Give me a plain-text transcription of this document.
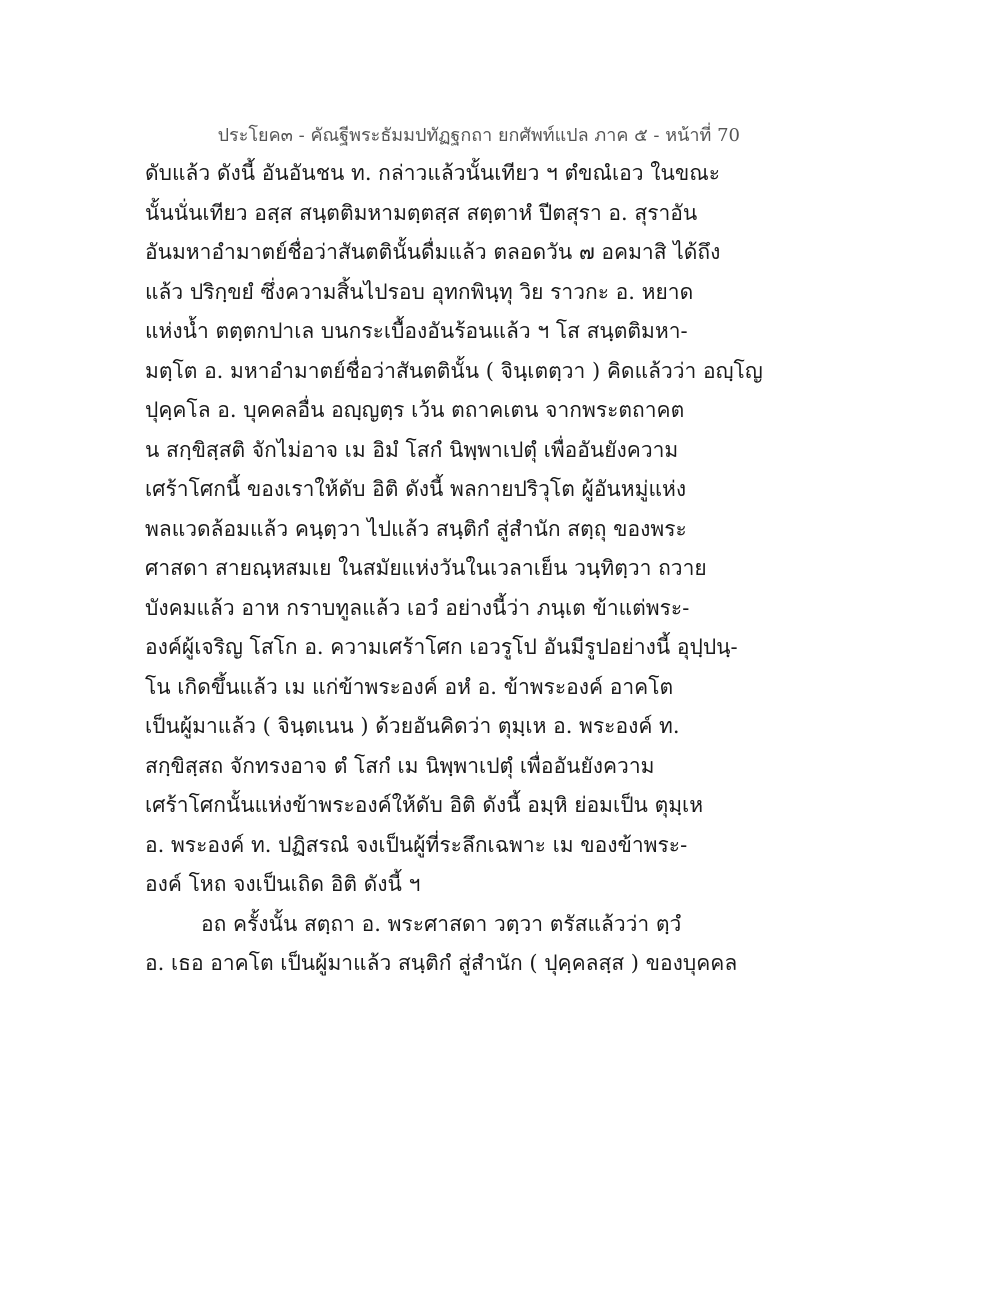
ประโยค๓ - คัณฐีพระธัมมปทัฏฐกถา ยกศัพท์แปล ภาค ๕ - หน้าที่ 70
ดับแล้ว ดังนี้ อันอันชน ท. กล่าวแล้วนั้นเทียว ฯ ตํขณํเอว ในขณะ
นั้นนั่นเทียว อสฺส สนฺตติมหามตฺตสฺส สตฺตาหํ ปีตสุรา อ. สุราอัน
อันมหาอำมาตย์ชื่อว่าสันตตินั้นดื่มแล้ว ตลอดวัน ๗ อคมาสิ ได้ถึง
แล้ว ปริกฺขยํ ซึ่งความสิ้นไปรอบ อุทกพินฺทุ วิย ราวกะ อ. หยาด
แห่งน้ำ ตตฺตกปาเล บนกระเบื้องอันร้อนแล้ว ฯ โส สนฺตติมหา-
มตฺโต อ. มหาอำมาตย์ชื่อว่าสันตตินั้น ( จินฺเตตฺวา ) คิดแล้วว่า อญฺโญ
ปุคฺคโล อ. บุคคลอื่น อญฺญตฺร เว้น ตถาคเตน จากพระตถาคต
น สกฺขิสฺสติ จักไม่อาจ เม อิมํ โสกํ นิพฺพาเปตุํ เพื่ออันยังความ
เศร้าโศกนี้ ของเราให้ดับ อิติ ดังนี้ พลกายปริวุโต ผู้อันหมู่แห่ง
พลแวดล้อมแล้ว คนฺตฺวา ไปแล้ว สนฺติกํ สู่สำนัก สตฺถุ ของพระ
ศาสดา สายณฺหสมเย ในสมัยแห่งวันในเวลาเย็น วนฺทิตฺวา ถวาย
บังคมแล้ว อาห กราบทูลแล้ว เอวํ อย่างนี้ว่า ภนฺเต ข้าแต่พระ-
องค์ผู้เจริญ โสโก อ. ความเศร้าโศก เอวรูโป อันมีรูปอย่างนี้ อุปฺปนฺ-
โน เกิดขึ้นแล้ว เม แก่ข้าพระองค์ อหํ อ. ข้าพระองค์ อาคโต
เป็นผู้มาแล้ว ( จินฺตเนน ) ด้วยอันคิดว่า ตุมฺเห อ. พระองค์ ท.
สกฺขิสฺสถ จักทรงอาจ ตํ โสกํ เม นิพฺพาเปตุํ เพื่ออันยังความ
เศร้าโศกนั้นแห่งข้าพระองค์ให้ดับ อิติ ดังนี้ อมฺหิ ย่อมเป็น ตุมฺเห
อ. พระองค์ ท. ปฏิสรณํ จงเป็นผู้ที่ระลึกเฉพาะ เม ของข้าพระ-
องค์ โหถ จงเป็นเถิด อิติ ดังนี้ ฯ
อถ ครั้งนั้น สตฺถา อ. พระศาสดา วตฺวา ตรัสแล้วว่า ตฺวํ
อ. เธอ อาคโต เป็นผู้มาแล้ว สนฺติกํ สู่สำนัก ( ปุคฺคลสฺส ) ของบุคคล
